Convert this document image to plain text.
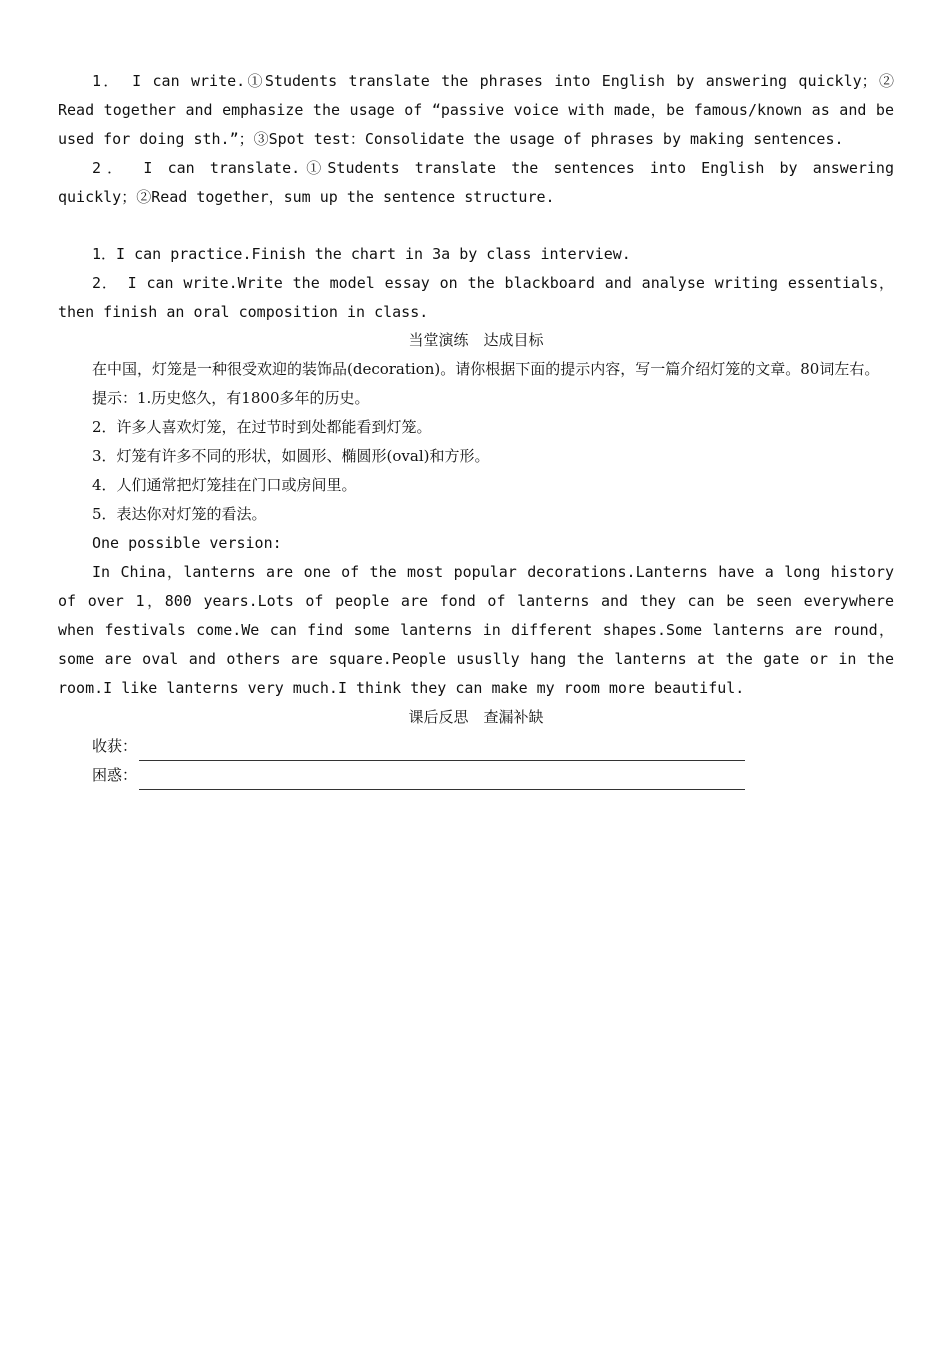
1． I can write.①Students translate the phrases into English by answering quickly；② Read together and emphasize the usage of “passive voice with made，be famous/known as and be used for doing sth.”；③Spot test：Consolidate the usage of phrases by making sentences.

2． I can translate.①Students translate the sentences into English by answering quickly；②Read together，sum up the sentence structure.

1．I can practice.Finish the chart in 3a by class interview.

2． I can write.Write the model essay on the blackboard and analyse writing essentials， then finish an oral composition in class.

当堂演练　达成目标

在中国，灯笼是一种很受欢迎的装饰品(decoration)。请你根据下面的提示内容，写一篇介绍灯笼的文章。80词左右。

提示：1.历史悠久，有1800多年的历史。

2．许多人喜欢灯笼，在过节时到处都能看到灯笼。

3．灯笼有许多不同的形状，如圆形、椭圆形(oval)和方形。

4．人们通常把灯笼挂在门口或房间里。

5．表达你对灯笼的看法。

One possible version:

In China，lanterns are one of the most popular decorations.Lanterns have a long history of over 1，800 years.Lots of people are fond of lanterns and they can be seen everywhere when festivals come.We can find some lanterns in different shapes.Some lanterns are round， some are oval and others are square.People ususlly hang the lanterns at the gate or in the room.I like lanterns very much.I think they can make my room more beautiful.

课后反思　查漏补缺

收获：
困惑：
